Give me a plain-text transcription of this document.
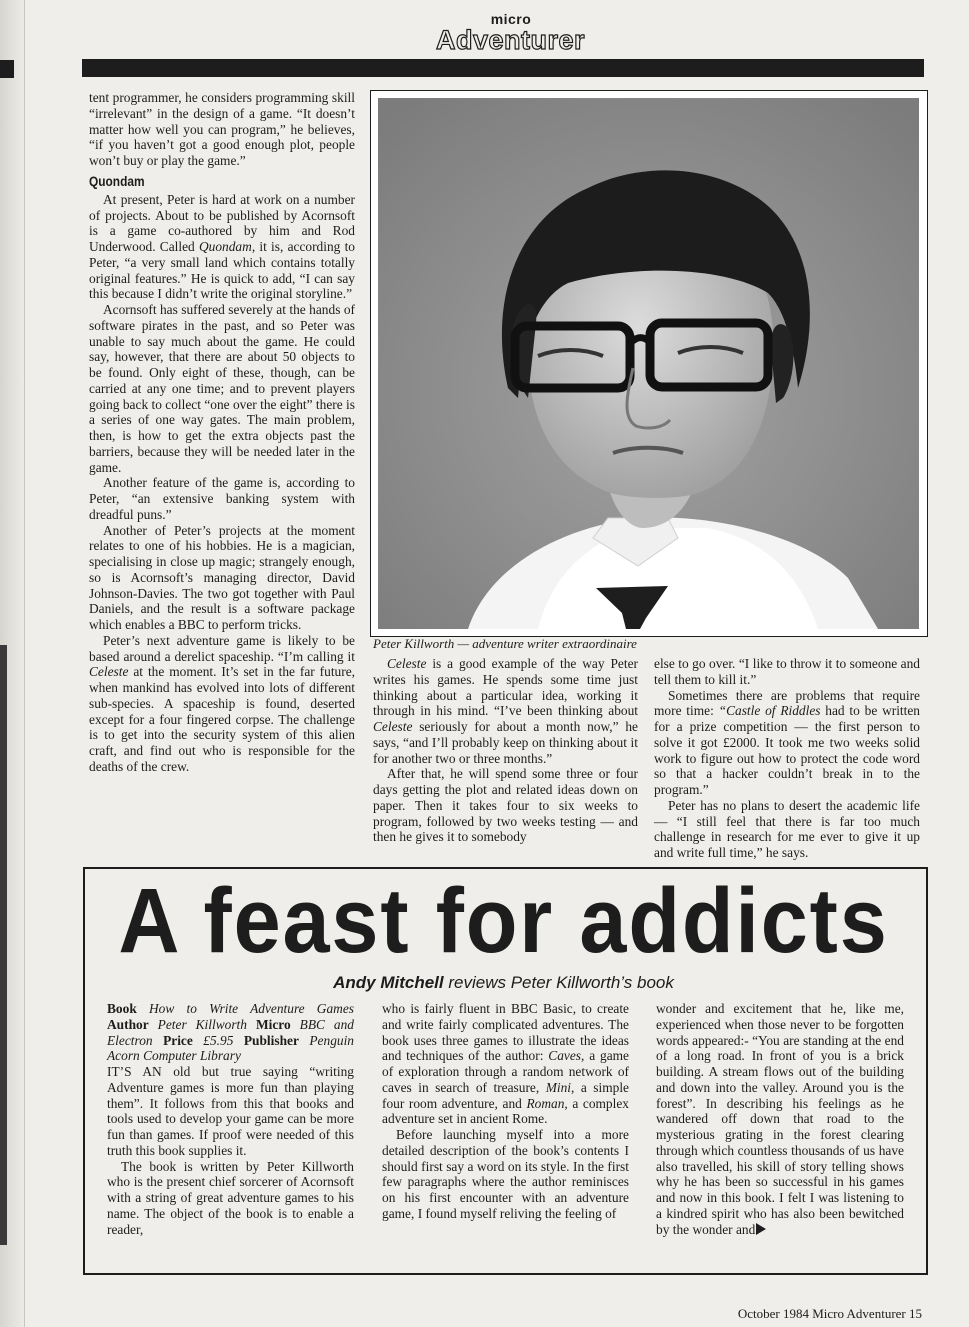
micro
Adventurer

tent programmer, he considers programming skill “irrelevant” in the design of a game. “It doesn’t matter how well you can program,” he believes, “if you haven’t got a good enough plot, people won’t buy or play the game.”

Quondam

At present, Peter is hard at work on a number of projects. About to be published by Acornsoft is a game co-authored by him and Rod Underwood. Called Quondam, it is, according to Peter, “a very small land which contains totally original features.” He is quick to add, “I can say this because I didn’t write the original storyline.”

Acornsoft has suffered severely at the hands of software pirates in the past, and so Peter was unable to say much about the game. He could say, however, that there are about 50 objects to be found. Only eight of these, though, can be carried at any one time; and to prevent players going back to collect “one over the eight” there is a series of one way gates. The main problem, then, is how to get the extra objects past the barriers, because they will be needed later in the game.

Another feature of the game is, according to Peter, “an extensive banking system with dreadful puns.”

Another of Peter’s projects at the moment relates to one of his hobbies. He is a magician, specialising in close up magic; strangely enough, so is Acornsoft’s managing director, David Johnson-Davies. The two got together with Paul Daniels, and the result is a software package which enables a BBC to perform tricks.

Peter’s next adventure game is likely to be based around a derelict spaceship. “I’m calling it Celeste at the moment. It’s set in the far future, when mankind has evolved into lots of different sub-species. A spaceship is found, deserted except for a four fingered corpse. The challenge is to get into the security system of this alien craft, and find out who is responsible for the deaths of the crew.

Peter Killworth — adventure writer extraordinaire

Celeste is a good example of the way Peter writes his games. He spends some time just thinking about a particular idea, working it through in his mind. “I’ve been thinking about Celeste seriously for about a month now,” he says, “and I’ll probably keep on thinking about it for another two or three months.”

After that, he will spend some three or four days getting the plot and related ideas down on paper. Then it takes four to six weeks to program, followed by two weeks testing — and then he gives it to somebody

else to go over. “I like to throw it to someone and tell them to kill it.”

Sometimes there are problems that require more time: “Castle of Riddles had to be written for a prize competition — the first person to solve it got £2000. It took me two weeks solid work to figure out how to protect the code word so that a hacker couldn’t break in to the program.”

Peter has no plans to desert the academic life — “I still feel that there is far too much challenge in research for me ever to give it up and write full time,” he says.

A feast for addicts
Andy Mitchell reviews Peter Killworth’s book

Book How to Write Adventure Games Author Peter Killworth Micro BBC and Electron Price £5.95 Publisher Penguin Acorn Computer Library

IT’S AN old but true saying “writing Adventure games is more fun than playing them”. It follows from this that books and tools used to develop your game can be more fun than games. If proof were needed of this truth this book supplies it.

The book is written by Peter Killworth who is the present chief sorcerer of Acornsoft with a string of great adventure games to his name. The object of the book is to enable a reader,

who is fairly fluent in BBC Basic, to create and write fairly complicated adventures. The book uses three games to illustrate the ideas and techniques of the author: Caves, a game of exploration through a random network of caves in search of treasure, Mini, a simple four room adventure, and Roman, a complex adventure set in ancient Rome.

Before launching myself into a more detailed description of the book’s contents I should first say a word on its style. In the first few paragraphs where the author reminisces on his first encounter with an adventure game, I found myself reliving the feeling of

wonder and excitement that he, like me, experienced when those never to be forgotten words appeared:- “You are standing at the end of a long road. In front of you is a brick building. A stream flows out of the building and down into the valley. Around you is the forest”. In describing his feelings as he wandered off down that road to the mysterious grating in the forest clearing through which countless thousands of us have also travelled, his skill of story telling shows why he has been so successful in his games and now in this book. I felt I was listening to a kindred spirit who has also been bewitched by the wonder and

October 1984 Micro Adventurer 15
